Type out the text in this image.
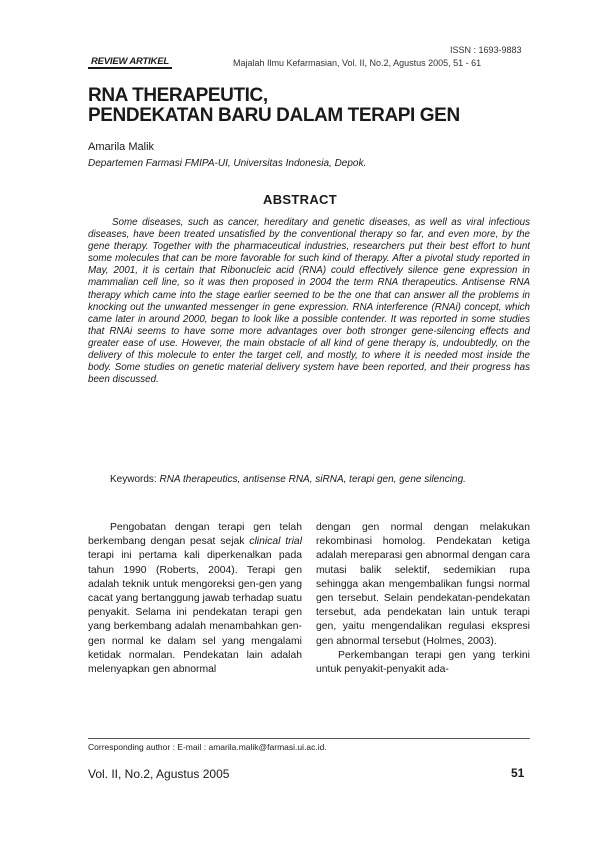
ISSN : 1693-9883
REVIEW ARTIKEL	Majalah Ilmu Kefarmasian, Vol. II, No.2, Agustus 2005, 51 - 61
RNA THERAPEUTIC,
PENDEKATAN BARU DALAM TERAPI GEN
Amarila Malik
Departemen Farmasi FMIPA-UI, Universitas Indonesia, Depok.
ABSTRACT

Some diseases, such as cancer, hereditary and genetic diseases, as well as viral infectious diseases, have been treated unsatisfied by the conventional therapy so far, and even more, by the gene therapy. Together with the pharmaceutical industries, researchers put their best effort to hunt some molecules that can be more favorable for such kind of therapy. After a pivotal study reported in May, 2001, it is certain that Ribonucleic acid (RNA) could effectively silence gene expression in mammalian cell line, so it was then proposed in 2004 the term RNA therapeutics. Antisense RNA therapy which came into the stage earlier seemed to be the one that can answer all the problems in knocking out the unwanted messenger in gene expression. RNA interference (RNAi) concept, which came later in around 2000, began to look like a possible contender. It was reported in some studies that RNAi seems to have some more advantages over both stronger gene-silencing effects and greater ease of use. However, the main obstacle of all kind of gene therapy is, undoubtedly, on the delivery of this molecule to enter the target cell, and mostly, to where it is needed most inside the body. Some studies on genetic material delivery system have been reported, and their progress has been discussed.

Keywords: RNA therapeutics, antisense RNA, siRNA, terapi gen, gene silencing.

Pengobatan dengan terapi gen telah berkembang dengan pesat sejak clinical trial terapi ini pertama kali diperkenalkan pada tahun 1990 (Roberts, 2004). Terapi gen adalah teknik untuk mengoreksi gen-gen yang cacat yang bertanggung jawab terhadap suatu penyakit. Selama ini pendekatan terapi gen yang berkembang adalah menambahkan gen-gen normal ke dalam sel yang mengalami ketidak normalan. Pendekatan lain adalah melenyapkan gen abnormal

dengan gen normal dengan melakukan rekombinasi homolog. Pendekatan ketiga adalah mereparasi gen abnormal dengan cara mutasi balik selektif, sedemikian rupa sehingga akan mengembalikan fungsi normal gen tersebut. Selain pendekatan-pendekatan tersebut, ada pendekatan lain untuk terapi gen, yaitu mengendalikan regulasi ekspresi gen abnormal tersebut (Holmes, 2003).

Perkembangan terapi gen yang terkini untuk penyakit-penyakit ada-

Corresponding author : E-mail : amarila.malik@farmasi.ui.ac.id.
Vol. II, No.2, Agustus 2005	51
